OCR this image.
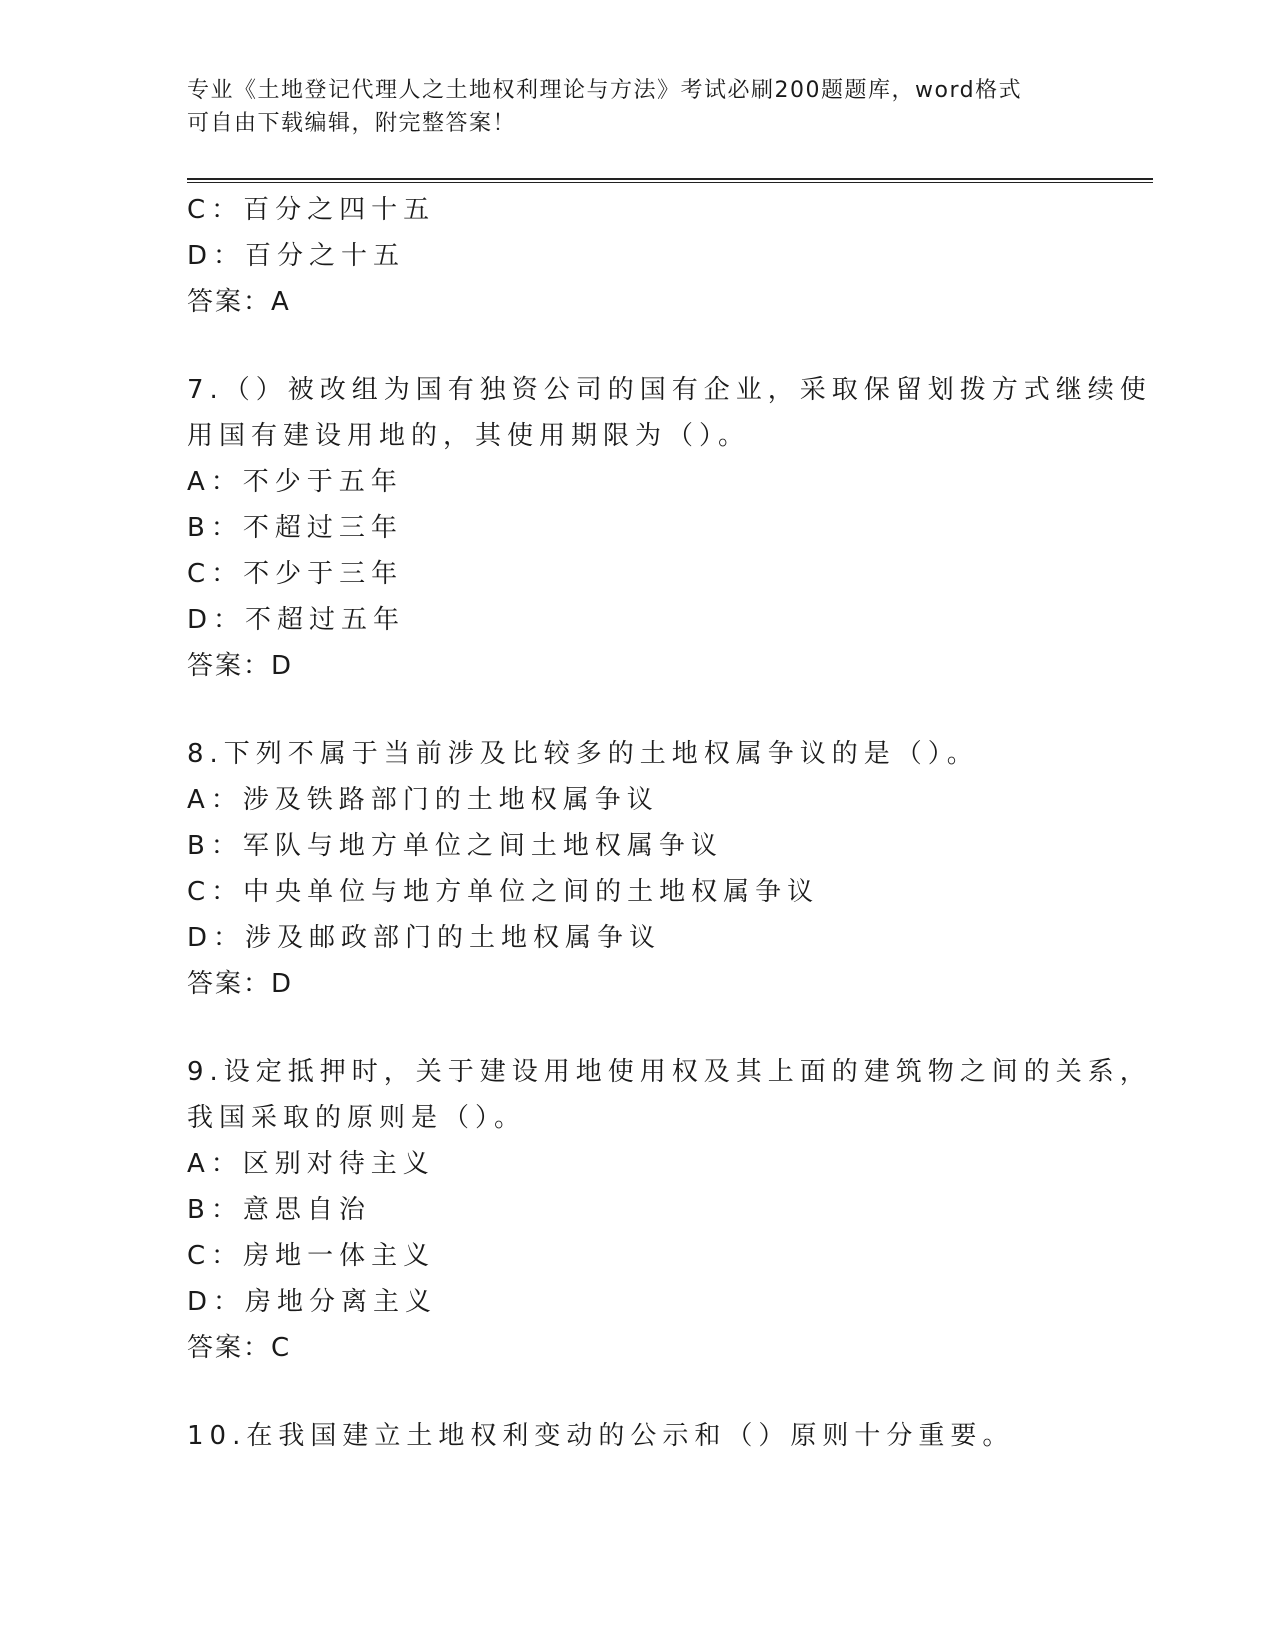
专业《土地登记代理人之土地权利理论与方法》考试必刷200题题库，word格式
可自由下载编辑，附完整答案！
C：百分之四十五
D：百分之十五
答案：A
7.（）被改组为国有独资公司的国有企业，采取保留划拨方式继续使
用国有建设用地的，其使用期限为（）。
A：不少于五年
B：不超过三年
C：不少于三年
D：不超过五年
答案：D
8.下列不属于当前涉及比较多的土地权属争议的是（）。
A：涉及铁路部门的土地权属争议
B：军队与地方单位之间土地权属争议
C：中央单位与地方单位之间的土地权属争议
D：涉及邮政部门的土地权属争议
答案：D
9.设定抵押时，关于建设用地使用权及其上面的建筑物之间的关系，
我国采取的原则是（）。
A：区别对待主义
B：意思自治
C：房地一体主义
D：房地分离主义
答案：C
10.在我国建立土地权利变动的公示和（）原则十分重要。
